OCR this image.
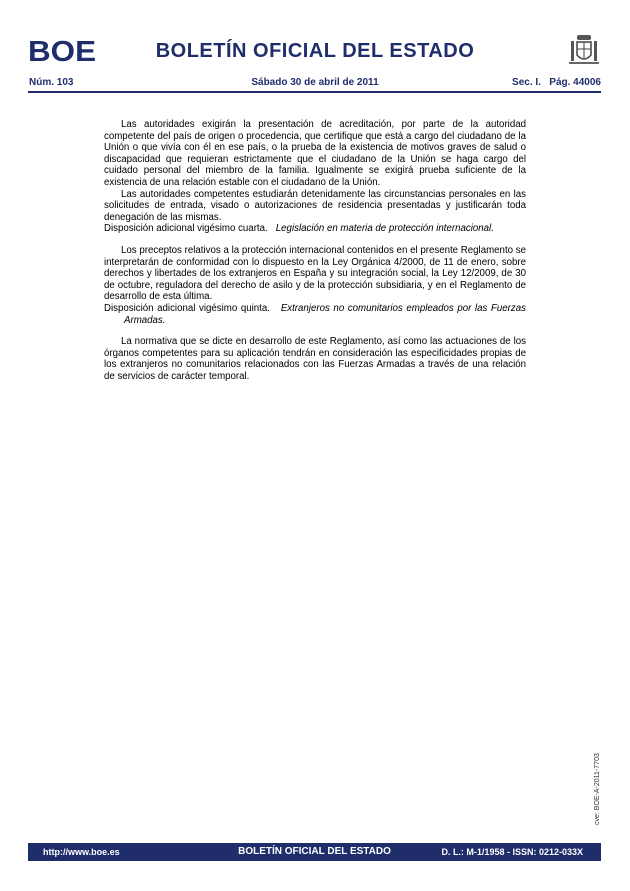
BOE	BOLETÍN OFICIAL DEL ESTADO
Núm. 103	Sábado 30 de abril de 2011	Sec. I.   Pág. 44006

Las autoridades exigirán la presentación de acreditación, por parte de la autoridad competente del país de origen o procedencia, que certifique que está a cargo del ciudadano de la Unión o que vivía con él en ese país, o la prueba de la existencia de motivos graves de salud o discapacidad que requieran estrictamente que el ciudadano de la Unión se haga cargo del cuidado personal del miembro de la familia. Igualmente se exigirá prueba suficiente de la existencia de una relación estable con el ciudadano de la Unión.

Las autoridades competentes estudiarán detenidamente las circunstancias personales en las solicitudes de entrada, visado o autorizaciones de residencia presentadas y justificarán toda denegación de las mismas.

Disposición adicional vigésimo cuarta. Legislación en materia de protección internacional.

Los preceptos relativos a la protección internacional contenidos en el presente Reglamento se interpretarán de conformidad con lo dispuesto en la Ley Orgánica 4/2000, de 11 de enero, sobre derechos y libertades de los extranjeros en España y su integración social, la Ley 12/2009, de 30 de octubre, reguladora del derecho de asilo y de la protección subsidiaria, y en el Reglamento de desarrollo de esta última.

Disposición adicional vigésimo quinta. Extranjeros no comunitarios empleados por las Fuerzas Armadas.

La normativa que se dicte en desarrollo de este Reglamento, así como las actuaciones de los órganos competentes para su aplicación tendrán en consideración las especificidades propias de los extranjeros no comunitarios relacionados con las Fuerzas Armadas a través de una relación de servicios de carácter temporal.

cve: BOE-A-2011-7703
http://www.boe.es	BOLETÍN OFICIAL DEL ESTADO	D. L.: M-1/1958 - ISSN: 0212-033X
